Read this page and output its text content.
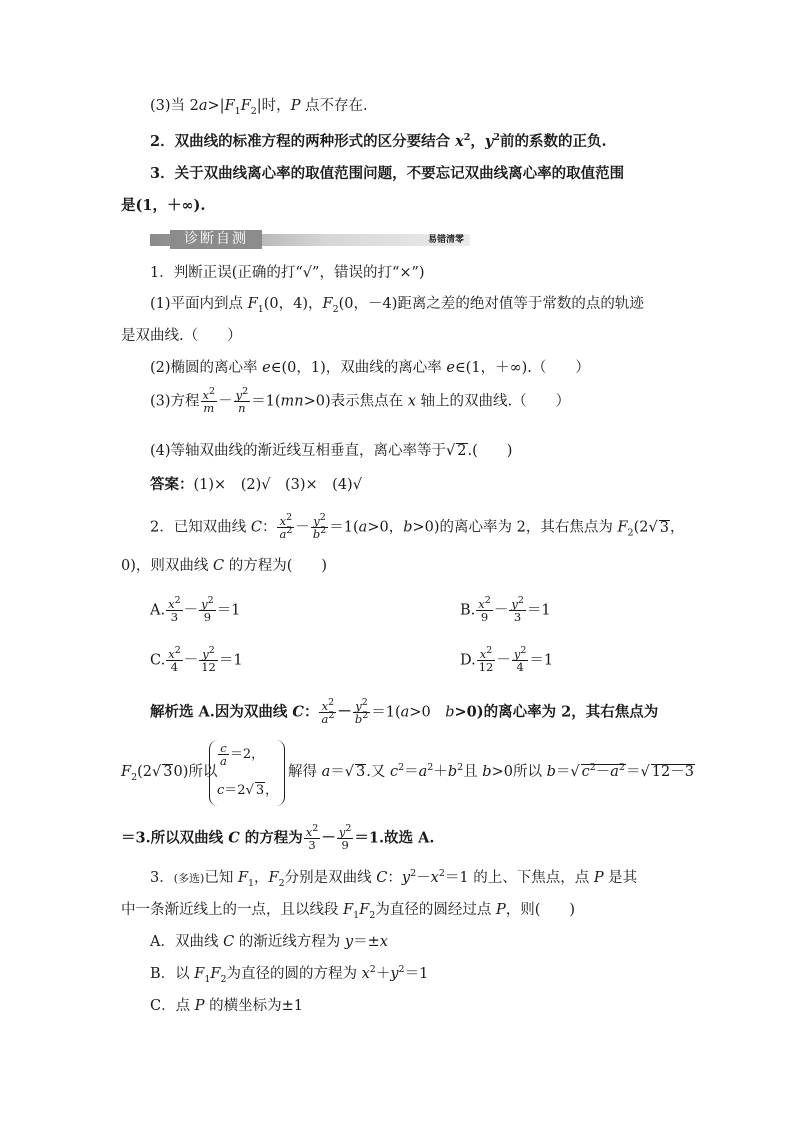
(3)当 $2a>|F_1F_2|$时，P 点不存在.
2．双曲线的标准方程的两种形式的区分要结合 $x^2$，$y^2$前的系数的正负.
3．关于双曲线离心率的取值范围问题，不要忘记双曲线离心率的取值范围
是(1，＋∞).
诊断自测	易错清零
1．判断正误(正确的打“√”，错误的打“×”)
(1)平面内到点 $F_1(0$，4)，$F_2(0$，－4)距离之差的绝对值等于常数的点的轨迹
是双曲线.（　　）
(2)椭圆的离心率 e∈(0，1)，双曲线的离心率 e∈(1，＋∞).（　　）
(3)方程 $\frac{x^2}{m} - \frac{y^2}{n} =1(mn>0)$表示焦点在 x 轴上的双曲线.（　　）
(4)等轴双曲线的渐近线互相垂直，离心率等于√ 2.(　　)
答案：(1)×　(2)√　(3)×　(4)√
2．已知双曲线 C： $\frac{x^2}{a^2} - \frac{y^2}{b^2} =1(a>0$，b>0)的离心率为 2，其右焦点为 $F_2(2√$ 3，
0)，则双曲线 C 的方程为(　　)
A. $\frac{x^2}{3} - \frac{y^2}{9} =1$	B. $\frac{x^2}{9} - \frac{y^2}{3} =1$
C. $\frac{x^2}{4} - \frac{y^2}{12} =1$	D. $\frac{x^2}{12} - \frac{y^2}{4} =1$
解析选 A.因为双曲线 C： $\frac{x^2}{a^2} - \frac{y^2}{b^2} =1(a>0$　b>0)的离心率为 2，其右焦点为
$F_2(2√$ 30)所以
$\frac{c}{a} =2$，
c＝2√ 3，
解得 a＝√ 3.又 $c^2=a^2+b^2$且 b>0所以 b＝√ $c^2-a^2=√$ 12－3
＝3.所以双曲线 C 的方程为 $\frac{x^2}{3} - \frac{y^2}{9} =1$.故选 A.
3．(多选)已知 $F_1$，$F_2$分别是双曲线 C：$y^2-x^2=1$ 的上、下焦点，点 P 是其
中一条渐近线上的一点，且以线段 $F_1F_2$为直径的圆经过点 P，则(　　)
A．双曲线 C 的渐近线方程为 y＝±x
B．以 $F_1F_2$为直径的圆的方程为 $x^2+y^2=1$
C．点 P 的横坐标为±1
